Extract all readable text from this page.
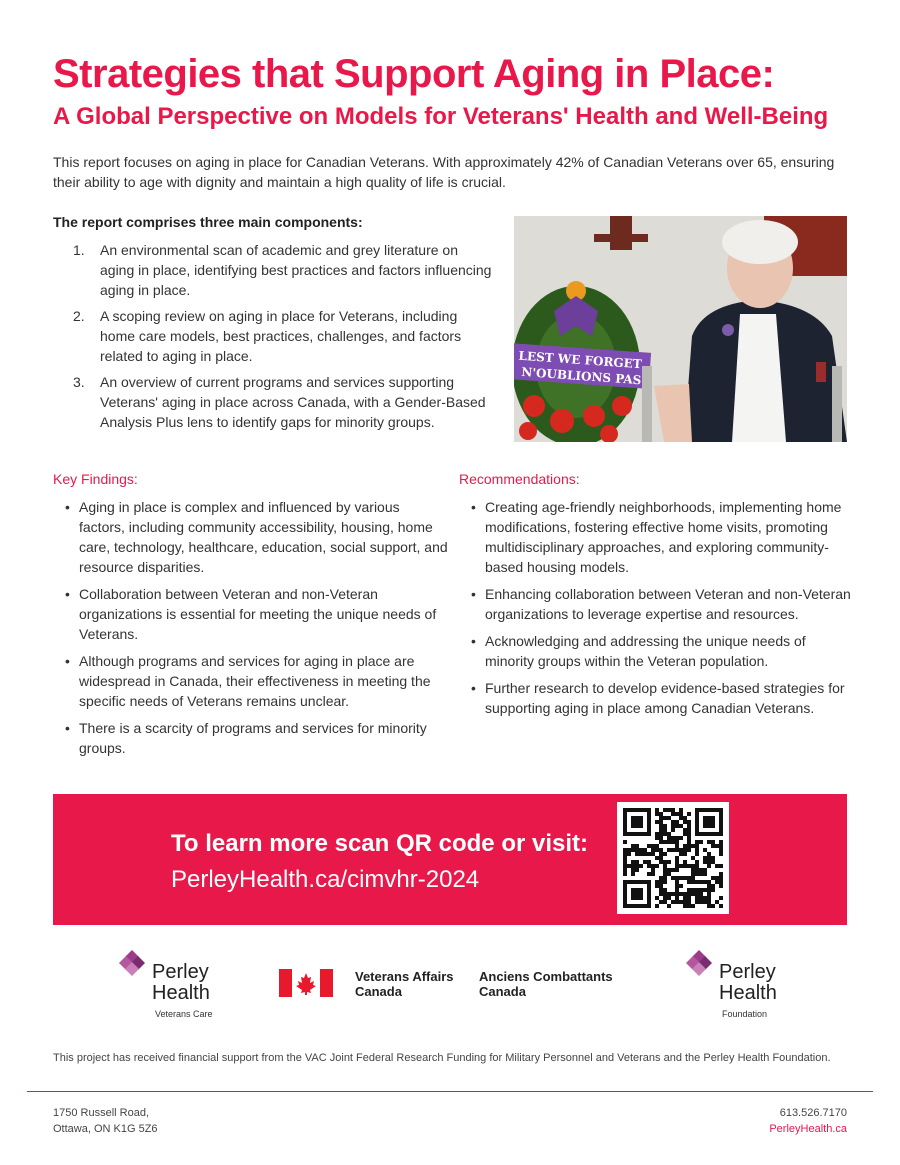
Strategies that Support Aging in Place:
A Global Perspective on Models for Veterans' Health and Well-Being

This report focuses on aging in place for Canadian Veterans. With approximately 42% of Canadian Veterans over 65, ensuring their ability to age with dignity and maintain a high quality of life is crucial.

The report comprises three main components:
1. An environmental scan of academic and grey literature on aging in place, identifying best practices and factors influencing aging in place.
2. A scoping review on aging in place for Veterans, including home care models, best practices, challenges, and factors related to aging in place.
3. An overview of current programs and services supporting Veterans' aging in place across Canada, with a Gender-Based Analysis Plus lens to identify gaps for minority groups.
LEST WE FORGET
N'OUBLIONS PAS
Key Findings:
• Aging in place is complex and influenced by various factors, including community accessibility, housing, home care, technology, healthcare, education, social support, and resource disparities.
• Collaboration between Veteran and non-Veteran organizations is essential for meeting the unique needs of Veterans.
• Although programs and services for aging in place are widespread in Canada, their effectiveness in meeting the specific needs of Veterans remains unclear.
• There is a scarcity of programs and services for minority groups.
Recommendations:
• Creating age-friendly neighborhoods, implementing home modifications, fostering effective home visits, promoting multidisciplinary approaches, and exploring community-based housing models.
• Enhancing collaboration between Veteran and non-Veteran organizations to leverage expertise and resources.
• Acknowledging and addressing the unique needs of minority groups within the Veteran population.
• Further research to develop evidence-based strategies for supporting aging in place among Canadian Veterans.
To learn more scan QR code or visit:
PerleyHealth.ca/cimvhr-2024
Perley
Health
Veterans Care
Veterans Affairs
Canada
Anciens Combattants
Canada
Perley
Health
Foundation

This project has received financial support from the VAC Joint Federal Research Funding for Military Personnel and Veterans and the Perley Health Foundation.

1750 Russell Road,
Ottawa, ON K1G 5Z6
613.526.7170
PerleyHealth.ca
